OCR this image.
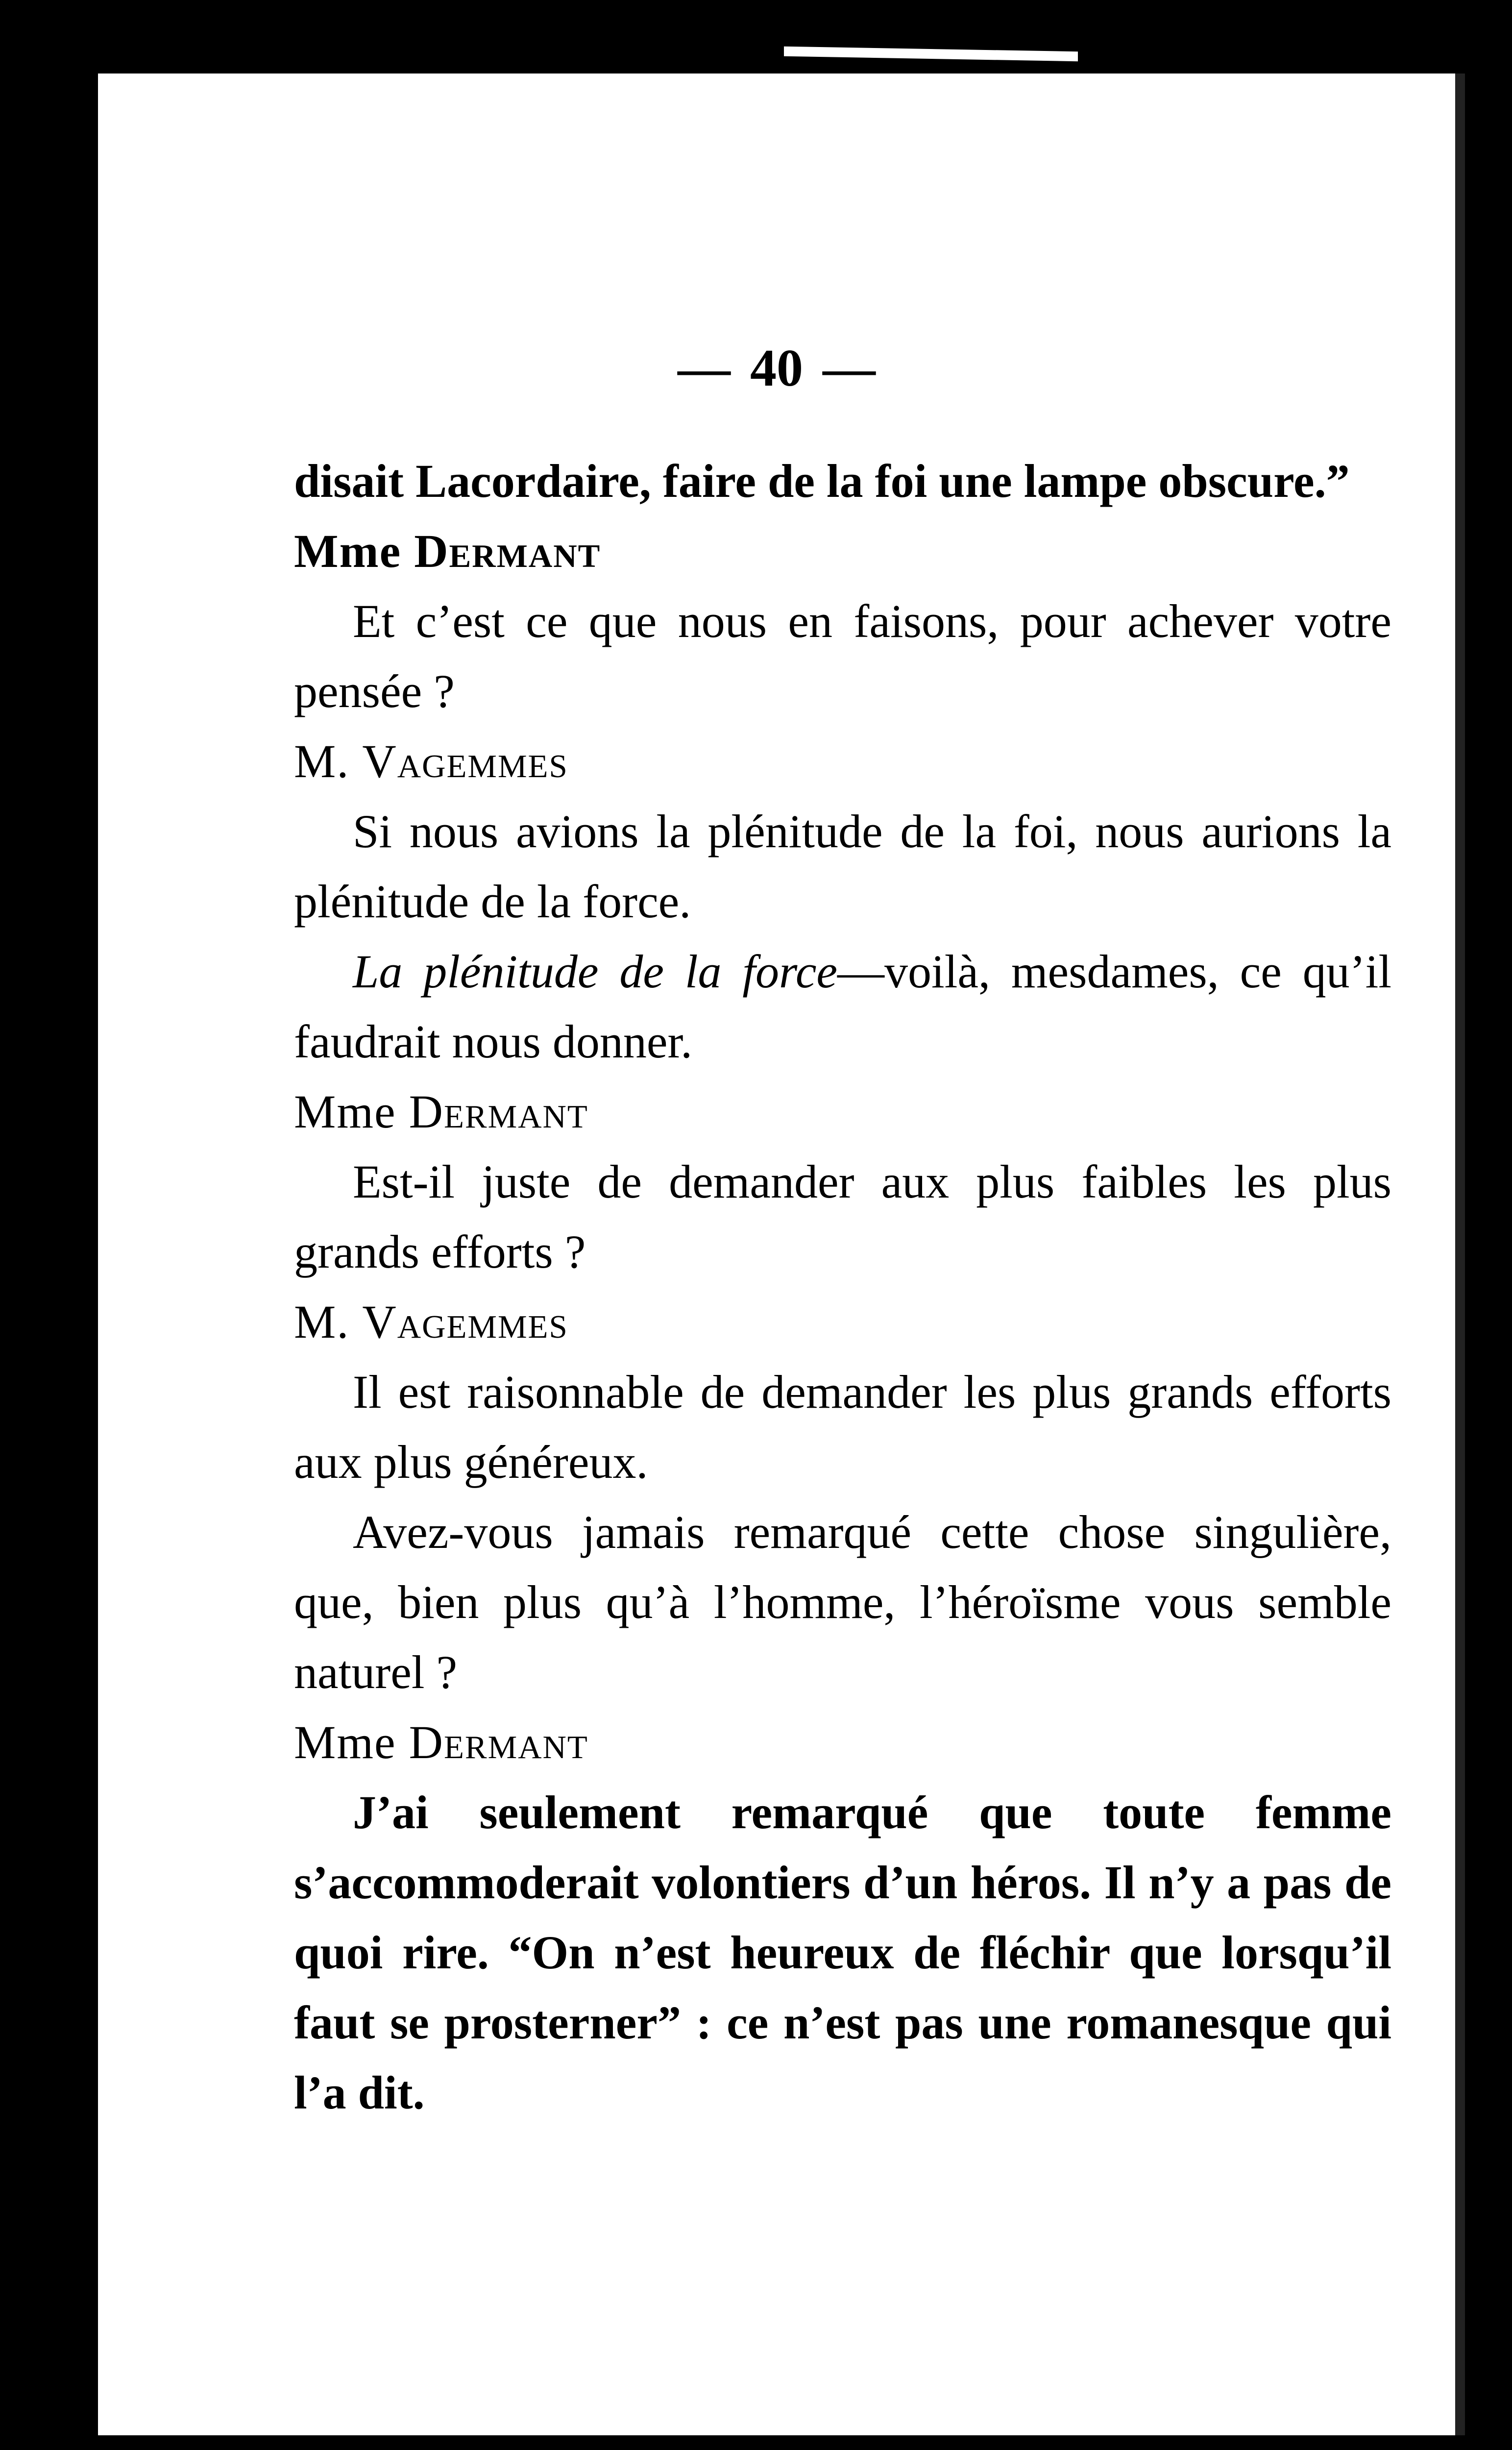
— 40 —

disait Lacordaire, faire de la foi une lampe obscure.”

Mme Dermant

Et c’est ce que nous en faisons, pour achever votre pensée ?

M. Vagemmes

Si nous avions la plénitude de la foi, nous aurions la plénitude de la force.

La plénitude de la force—voilà, mesdames, ce qu’il faudrait nous donner.

Mme Dermant

Est-il juste de demander aux plus faibles les plus grands efforts ?

M. Vagemmes

Il est raisonnable de demander les plus grands efforts aux plus généreux.

Avez-vous jamais remarqué cette chose singulière, que, bien plus qu’à l’homme, l’héroïsme vous semble naturel ?

Mme Dermant

J’ai seulement remarqué que toute femme s’accommoderait volontiers d’un héros. Il n’y a pas de quoi rire. “On n’est heureux de fléchir que lorsqu’il faut se prosterner” : ce n’est pas une romanesque qui l’a dit.
